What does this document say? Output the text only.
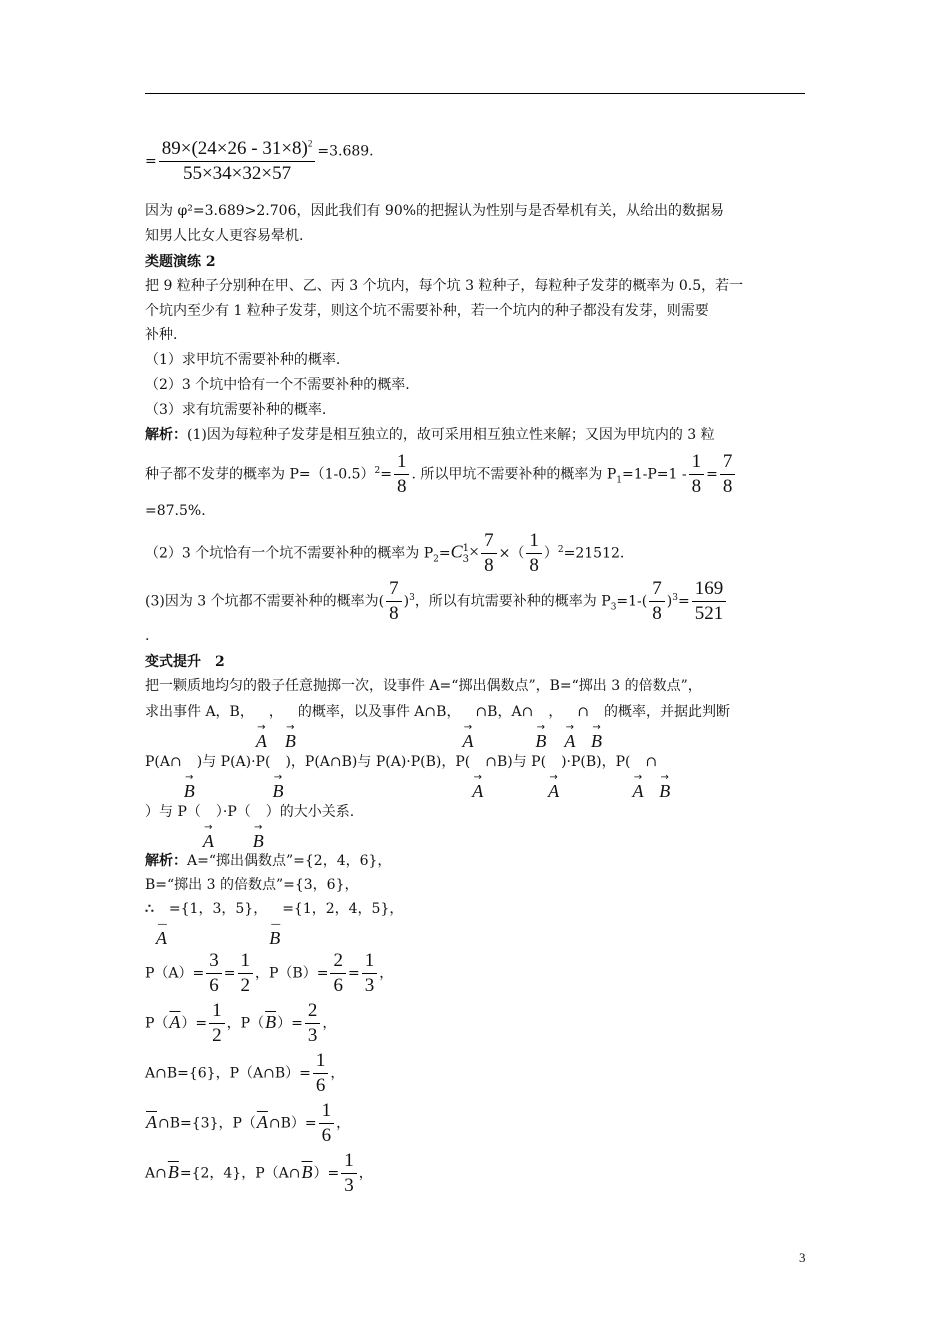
= $\frac{89\times(24\times 26 - 31\times 8)^2}{55\times 34\times 32\times 57} =3.689$.
因为 φ²=3.689>2.706，因此我们有 90%的把握认为性别与是否晕机有关，从给出的数据易
知男人比女人更容易晕机.
类题演练 2
把 9 粒种子分别种在甲、乙、丙 3 个坑内，每个坑 3 粒种子，每粒种子发芽的概率为 0.5，若一
个坑内至少有 1 粒种子发芽，则这个坑不需要补种，若一个坑内的种子都没有发芽，则需要
补种.
（1）求甲坑不需要补种的概率.
（2）3 个坑中恰有一个不需要补种的概率.
（3）求有坑需要补种的概率.
解析：(1)因为每粒种子发芽是相互独立的，故可采用相互独立性来解；又因为甲坑内的 3 粒
种子都不发芽的概率为 $P=(1-0.5)^2= \frac{1}{8}$ . 所以甲坑不需要补种的概率为 $P_1=1-P=1 - \frac{1}{8} = \frac{7}{8}$
=87.5%.
（2）3 个坑恰有一个坑不需要补种的概率为 $P_2=C$ 1
$3 \times \frac{7}{8}$ ×（ $\frac{1}{8} )^2=21512$.
(3)因为 3 个坑都不需要补种的概率为( $\frac{7}{8} )^3$，所以有坑需要补种的概率为 $P_3=1-( \frac{7}{8} )^3= \frac{169}{521}$
.
变式提升　2
把一颗质地均匀的骰子任意抛掷一次，设事件 A=“掷出偶数点”，B=“掷出 3 的倍数点”，
求出事件 A，B，
→
A
，
→
B
的概率，以及事件 A∩B，
→
A
∩B，A∩
→
B
，
→
A
∩
→
B
的概率，并据此判断
P(A∩
→
B
)与 P(A)·P(
→
B
)，P(A∩B)与 P(A)·P(B)，P(
→
A
∩B)与 P(
→
A
)·P(B)，P(
→
A
∩
→
B
）与 P（
→
A
）·P（
→
B
）的大小关系.
解析：A=“掷出偶数点”={2，4，6}，
B=“掷出 3 的倍数点”={3，6}，
∴
—
A
={1，3，5}，
—
B
={1，2，4，5}，
$P(A)= \frac{3}{6} = \frac{1}{2}$ ，$P(B)= \frac{2}{6} = \frac{1}{3}$ ，
$P(\overline{A})= \frac{1}{2}$ ，$P(\overline{B})= \frac{2}{3}$ ，
A∩B={6}，P（A∩B）= $\frac{1}{6}$ ，
$\overline{A}\cap B=\{3\}$，$P(\overline{A}\cap B)= \frac{1}{6}$ ，
$A\cap\overline{B}=\{2$，4}，$P(A\cap\overline{B})= \frac{1}{3}$ ，
3
